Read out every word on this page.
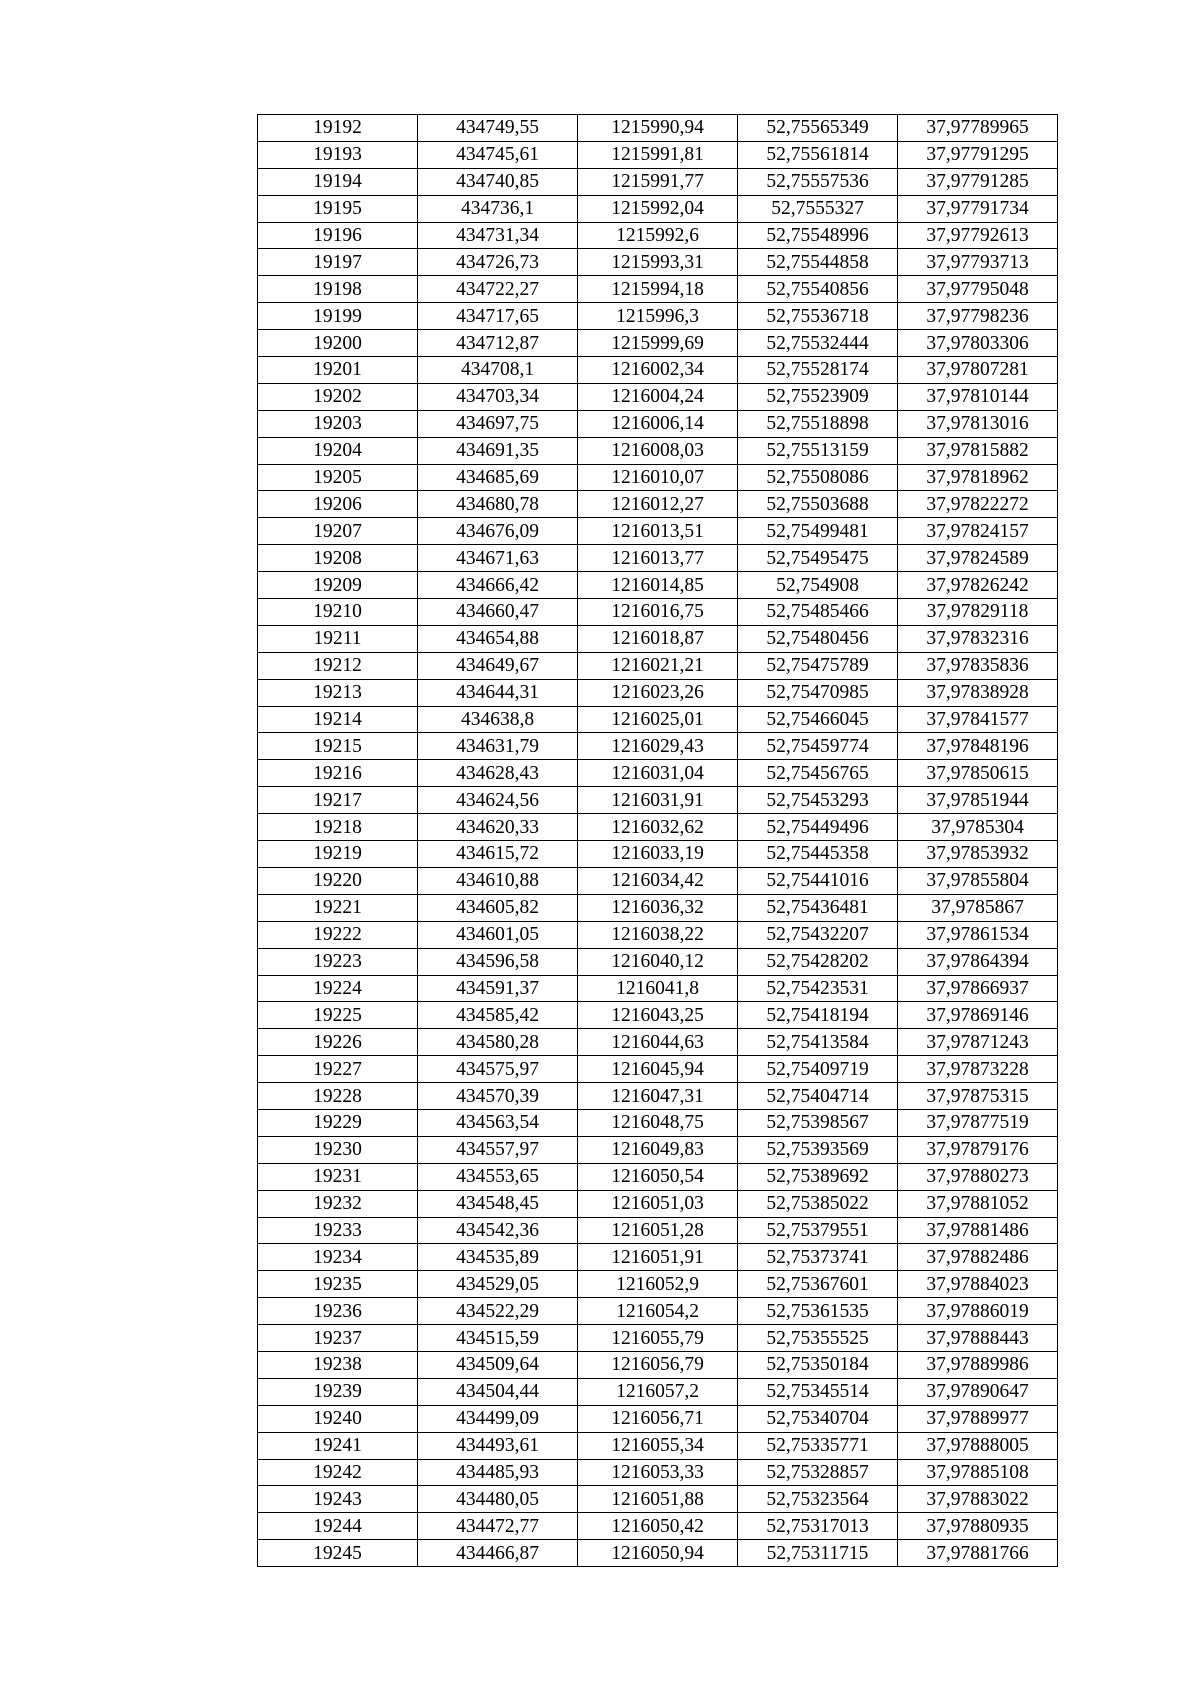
19192	434749,55	1215990,94	52,75565349	37,97789965
19193	434745,61	1215991,81	52,75561814	37,97791295
19194	434740,85	1215991,77	52,75557536	37,97791285
19195	434736,1	1215992,04	52,7555327	37,97791734
19196	434731,34	1215992,6	52,75548996	37,97792613
19197	434726,73	1215993,31	52,75544858	37,97793713
19198	434722,27	1215994,18	52,75540856	37,97795048
19199	434717,65	1215996,3	52,75536718	37,97798236
19200	434712,87	1215999,69	52,75532444	37,97803306
19201	434708,1	1216002,34	52,75528174	37,97807281
19202	434703,34	1216004,24	52,75523909	37,97810144
19203	434697,75	1216006,14	52,75518898	37,97813016
19204	434691,35	1216008,03	52,75513159	37,97815882
19205	434685,69	1216010,07	52,75508086	37,97818962
19206	434680,78	1216012,27	52,75503688	37,97822272
19207	434676,09	1216013,51	52,75499481	37,97824157
19208	434671,63	1216013,77	52,75495475	37,97824589
19209	434666,42	1216014,85	52,754908	37,97826242
19210	434660,47	1216016,75	52,75485466	37,97829118
19211	434654,88	1216018,87	52,75480456	37,97832316
19212	434649,67	1216021,21	52,75475789	37,97835836
19213	434644,31	1216023,26	52,75470985	37,97838928
19214	434638,8	1216025,01	52,75466045	37,97841577
19215	434631,79	1216029,43	52,75459774	37,97848196
19216	434628,43	1216031,04	52,75456765	37,97850615
19217	434624,56	1216031,91	52,75453293	37,97851944
19218	434620,33	1216032,62	52,75449496	37,9785304
19219	434615,72	1216033,19	52,75445358	37,97853932
19220	434610,88	1216034,42	52,75441016	37,97855804
19221	434605,82	1216036,32	52,75436481	37,9785867
19222	434601,05	1216038,22	52,75432207	37,97861534
19223	434596,58	1216040,12	52,75428202	37,97864394
19224	434591,37	1216041,8	52,75423531	37,97866937
19225	434585,42	1216043,25	52,75418194	37,97869146
19226	434580,28	1216044,63	52,75413584	37,97871243
19227	434575,97	1216045,94	52,75409719	37,97873228
19228	434570,39	1216047,31	52,75404714	37,97875315
19229	434563,54	1216048,75	52,75398567	37,97877519
19230	434557,97	1216049,83	52,75393569	37,97879176
19231	434553,65	1216050,54	52,75389692	37,97880273
19232	434548,45	1216051,03	52,75385022	37,97881052
19233	434542,36	1216051,28	52,75379551	37,97881486
19234	434535,89	1216051,91	52,75373741	37,97882486
19235	434529,05	1216052,9	52,75367601	37,97884023
19236	434522,29	1216054,2	52,75361535	37,97886019
19237	434515,59	1216055,79	52,75355525	37,97888443
19238	434509,64	1216056,79	52,75350184	37,97889986
19239	434504,44	1216057,2	52,75345514	37,97890647
19240	434499,09	1216056,71	52,75340704	37,97889977
19241	434493,61	1216055,34	52,75335771	37,97888005
19242	434485,93	1216053,33	52,75328857	37,97885108
19243	434480,05	1216051,88	52,75323564	37,97883022
19244	434472,77	1216050,42	52,75317013	37,97880935
19245	434466,87	1216050,94	52,75311715	37,97881766
